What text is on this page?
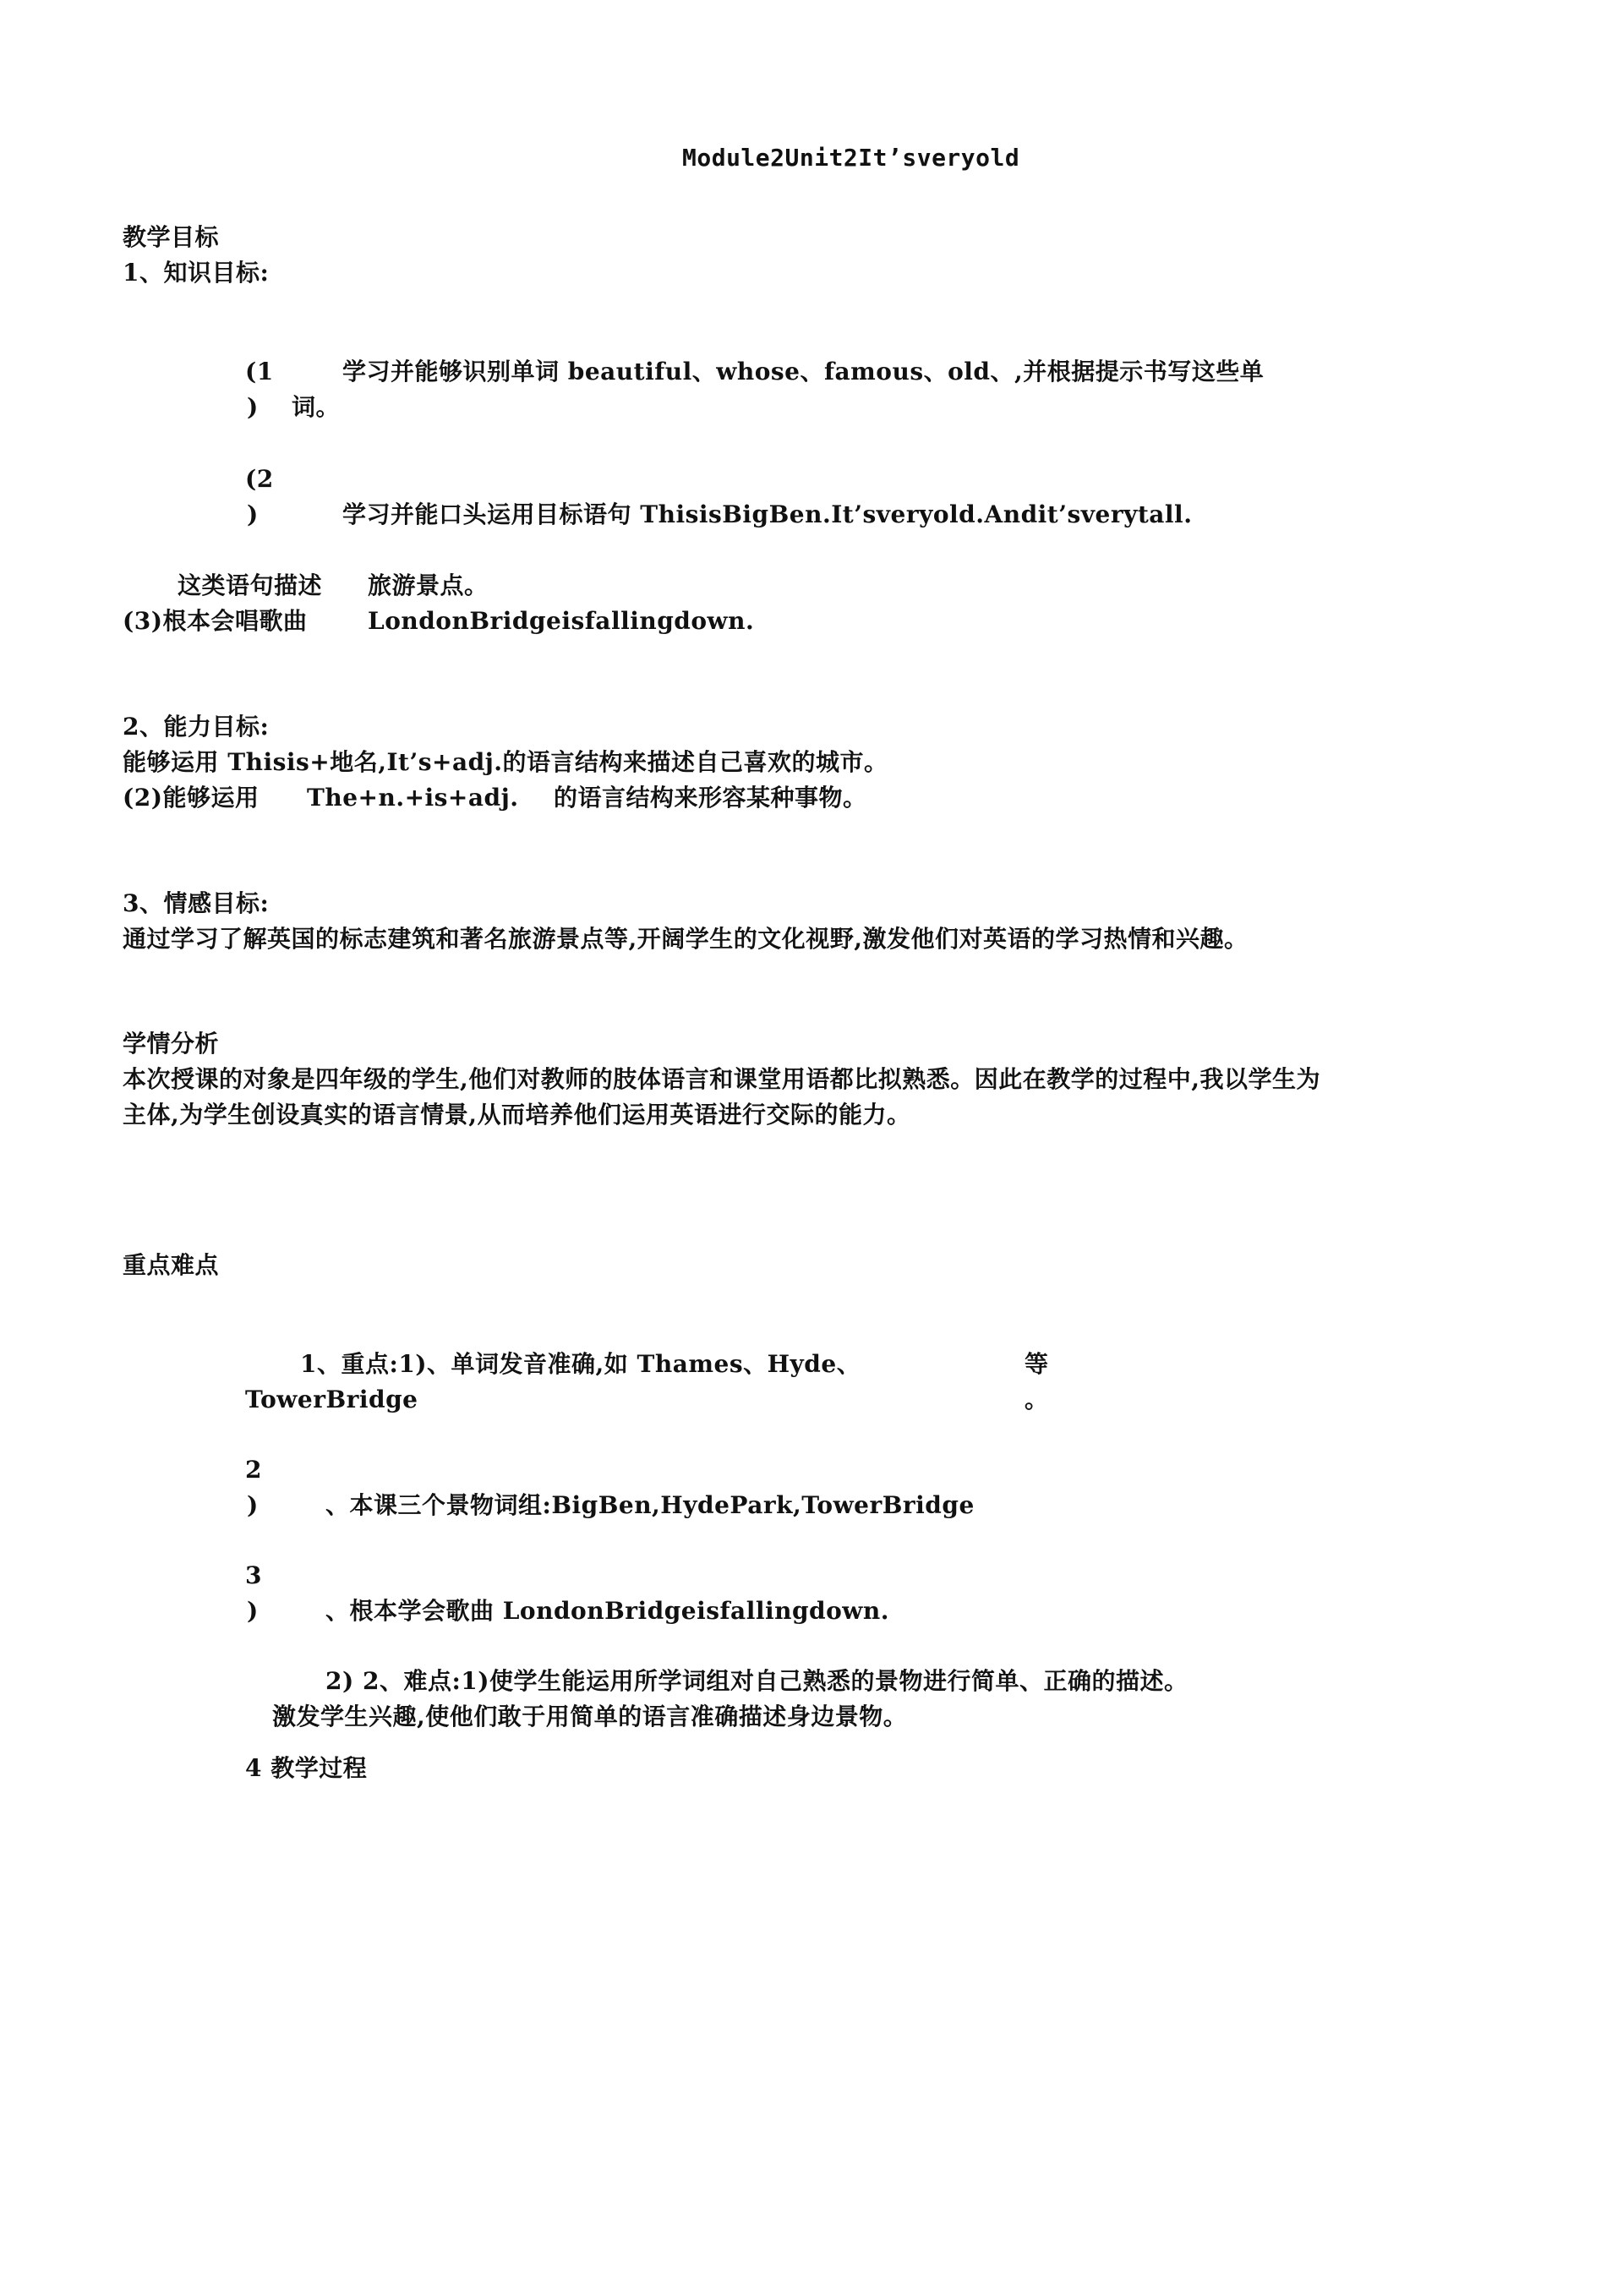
Module2Unit2It’sveryold
教学目标
1、知识目标:
(1
)
学习并能够识别单词 beautiful、whose、famous、old、,并根据提示书写这些单
词。
(2
)	学习并能口头运用目标语句 ThisisBigBen.It’sveryold.Andit’sverytall.
这类语句描述 旅游景点。
(3)根本会唱歌曲	LondonBridgeisfallingdown.
2、能力目标:
能够运用 Thisis+地名,It’s+adj.的语言结构来描述自己喜欢的城市。
(2)能够运用 The+n.+is+adj. 的语言结构来形容某种事物。
3、情感目标:
通过学习了解英国的标志建筑和著名旅游景点等,开阔学生的文化视野,激发他们对英语的学习热情和兴趣。
学情分析
本次授课的对象是四年级的学生,他们对教师的肢体语言和课堂用语都比拟熟悉。因此在教学的过程中,我以学生为
主体,为学生创设真实的语言情景,从而培养他们运用英语进行交际的能力。
重点难点
1、重点:1)、单词发音准确,如 Thames、Hyde、	等
TowerBridge	。
2
)	、本课三个景物词组:BigBen,HydePark,TowerBridge
3
)	、根本学会歌曲 LondonBridgeisfallingdown.
2) 2、难点:1)使学生能运用所学词组对自己熟悉的景物进行简单、正确的描述。
激发学生兴趣,使他们敢于用简单的语言准确描述身边景物。
4 教学过程
